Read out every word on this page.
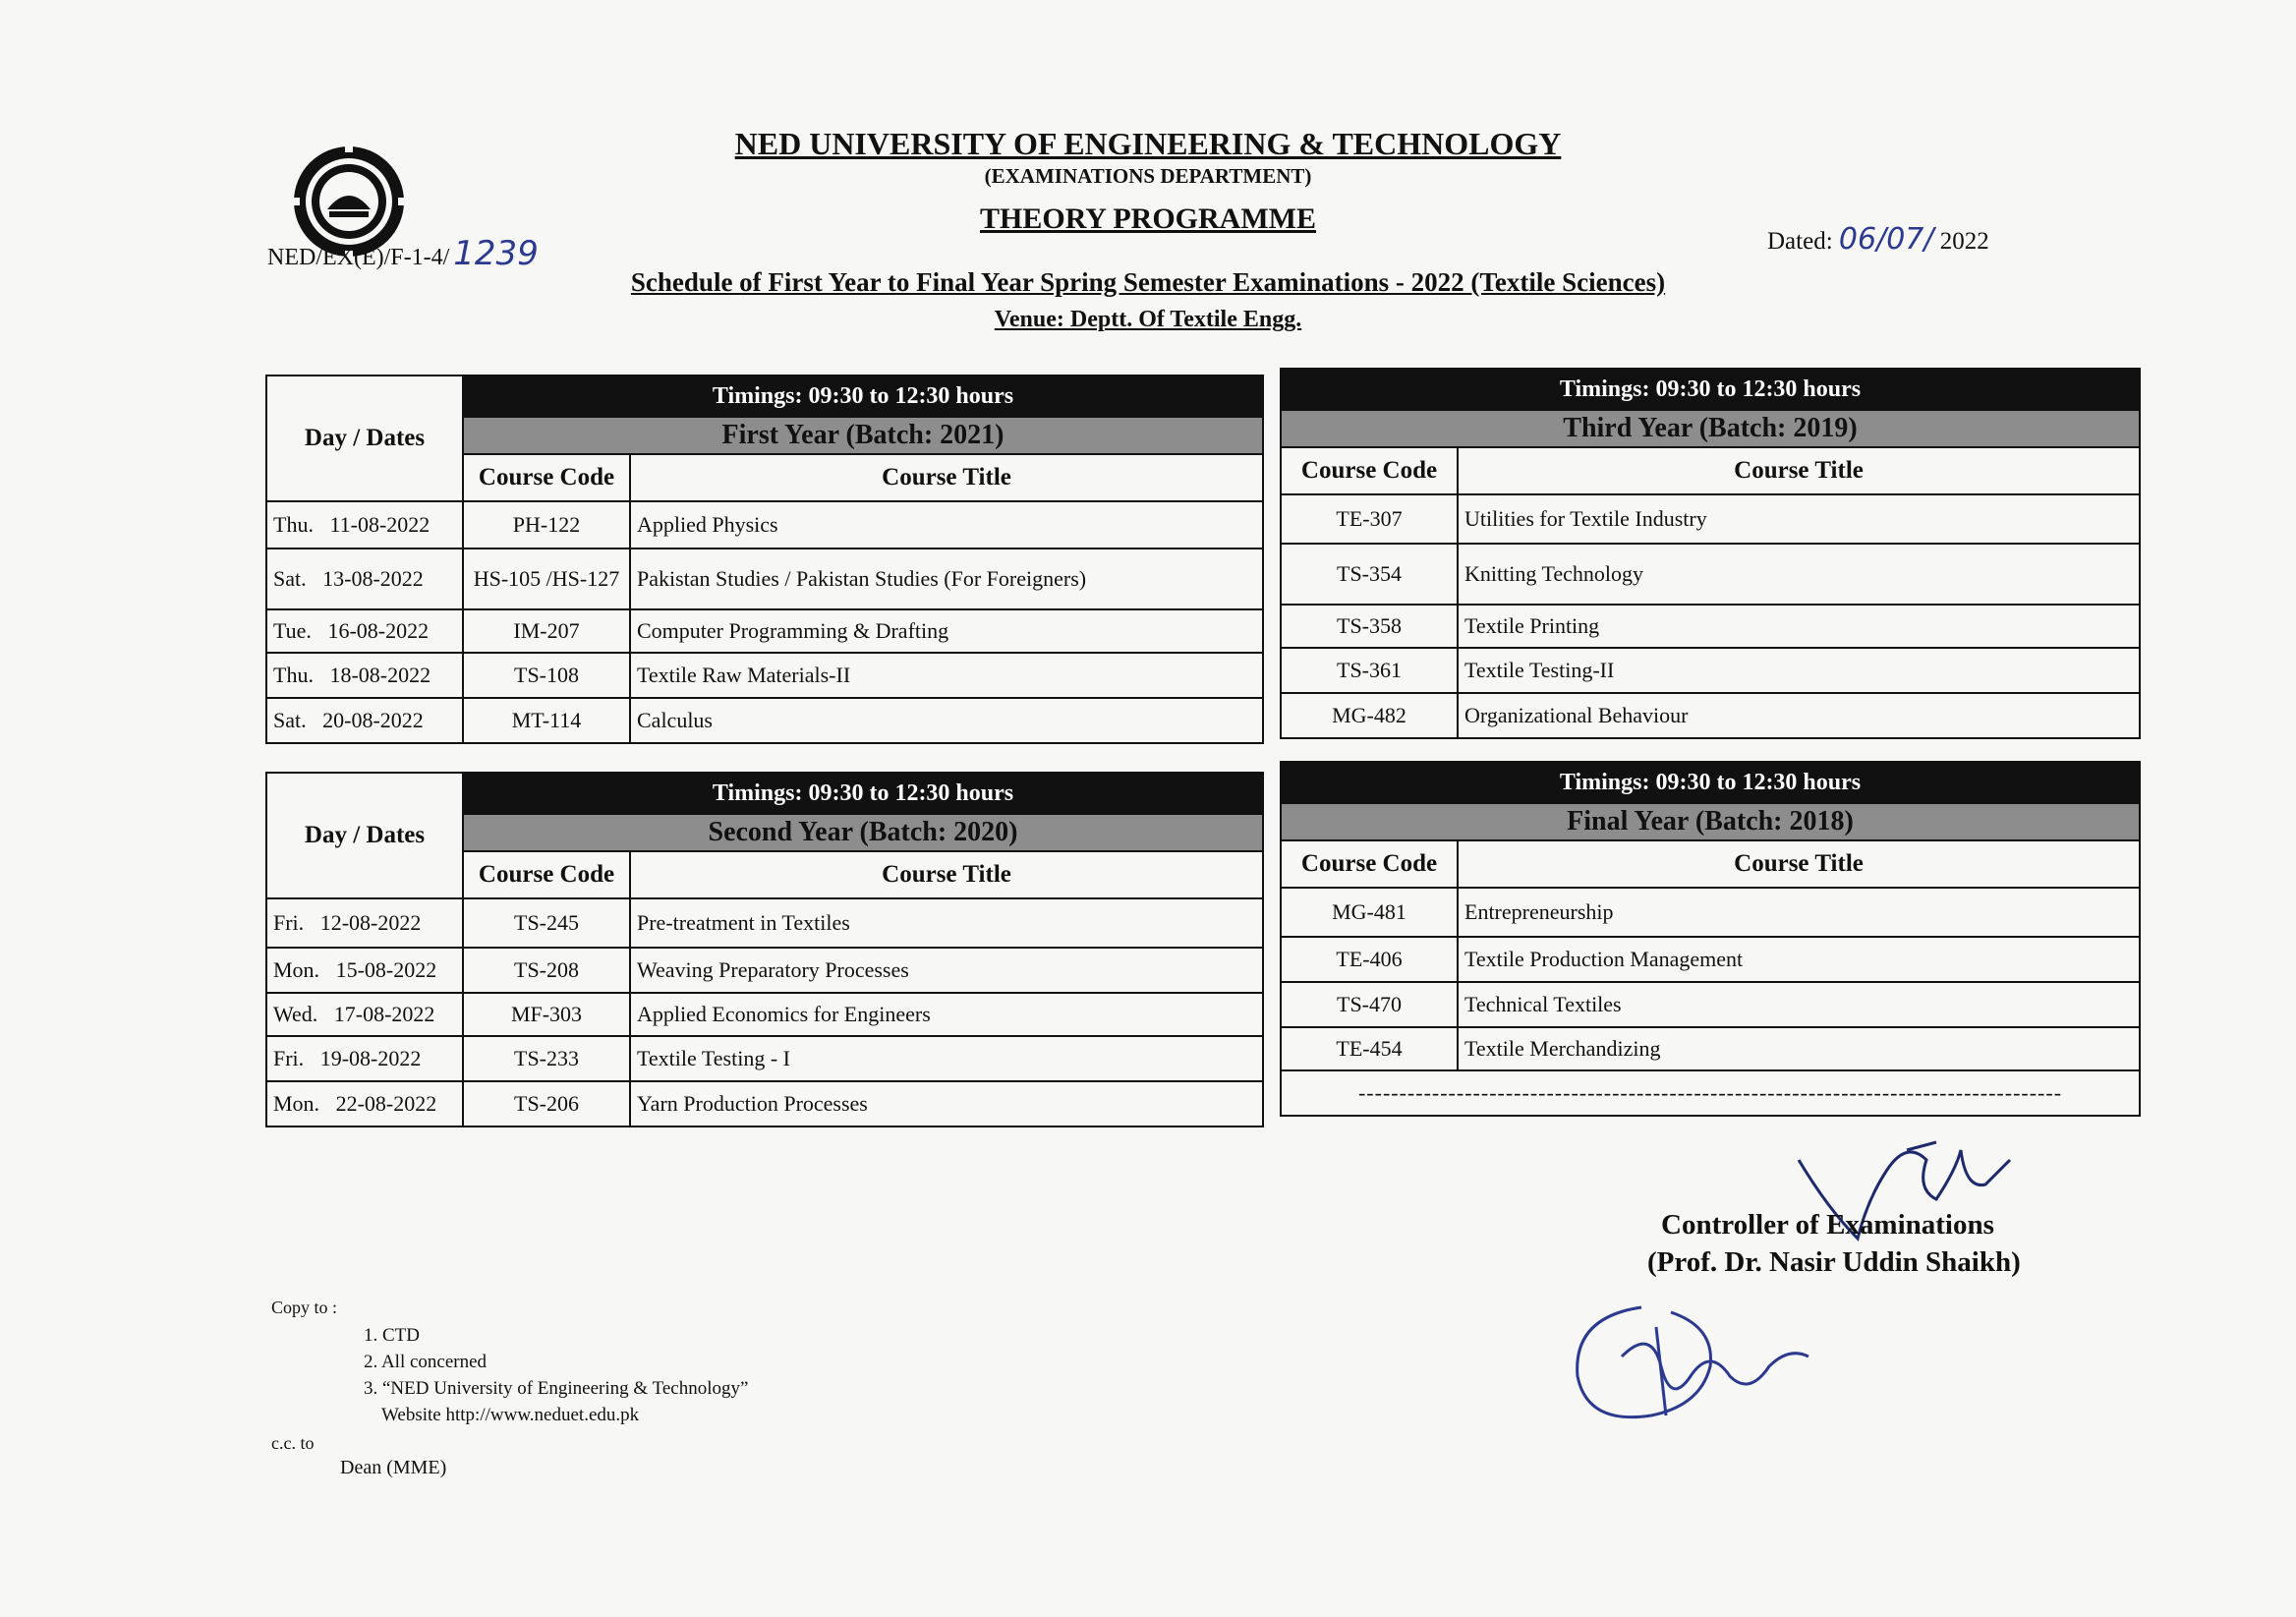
NED UNIVERSITY OF ENGINEERING & TECHNOLOGY
(EXAMINATIONS DEPARTMENT)
THEORY PROGRAMME
NED/EX(E)/F-1-4/ 1239	Dated: 06/07/ 2022
Schedule of First Year to Final Year Spring Semester Examinations - 2022 (Textile Sciences)
Venue: Deptt. Of Textile Engg.
Day / Dates	Timings: 09:30 to 12:30 hours	
	First Year (Batch: 2021)	
	Course Code	Course Title
Thu. 11-08-2022	PH-122	Applied Physics
Sat. 13-08-2022	HS-105 /HS-127	Pakistan Studies / Pakistan Studies (For Foreigners)
Tue. 16-08-2022	IM-207	Computer Programming & Drafting
Thu. 18-08-2022	TS-108	Textile Raw Materials-II
Sat. 20-08-2022	MT-114	Calculus
Timings: 09:30 to 12:30 hours	
Third Year (Batch: 2019)	
Course Code	Course Title
TE-307	Utilities for Textile Industry
TS-354	Knitting Technology
TS-358	Textile Printing
TS-361	Textile Testing-II
MG-482	Organizational Behaviour
Day / Dates	Timings: 09:30 to 12:30 hours	
	Second Year (Batch: 2020)	
	Course Code	Course Title
Fri. 12-08-2022	TS-245	Pre-treatment in Textiles
Mon. 15-08-2022	TS-208	Weaving Preparatory Processes
Wed. 17-08-2022	MF-303	Applied Economics for Engineers
Fri. 19-08-2022	TS-233	Textile Testing - I
Mon. 22-08-2022	TS-206	Yarn Production Processes
Timings: 09:30 to 12:30 hours	
Final Year (Batch: 2018)	
Course Code	Course Title
MG-481	Entrepreneurship
TE-406	Textile Production Management
TS-470	Technical Textiles
TE-454	Textile Merchandizing
--------------------------------------------------------------------------------------	
Controller of Examinations
(Prof. Dr. Nasir Uddin Shaikh)
Copy to :
1. CTD
2. All concerned
3. “NED University of Engineering & Technology”
Website http://www.neduet.edu.pk
c.c. to
Dean (MME)
